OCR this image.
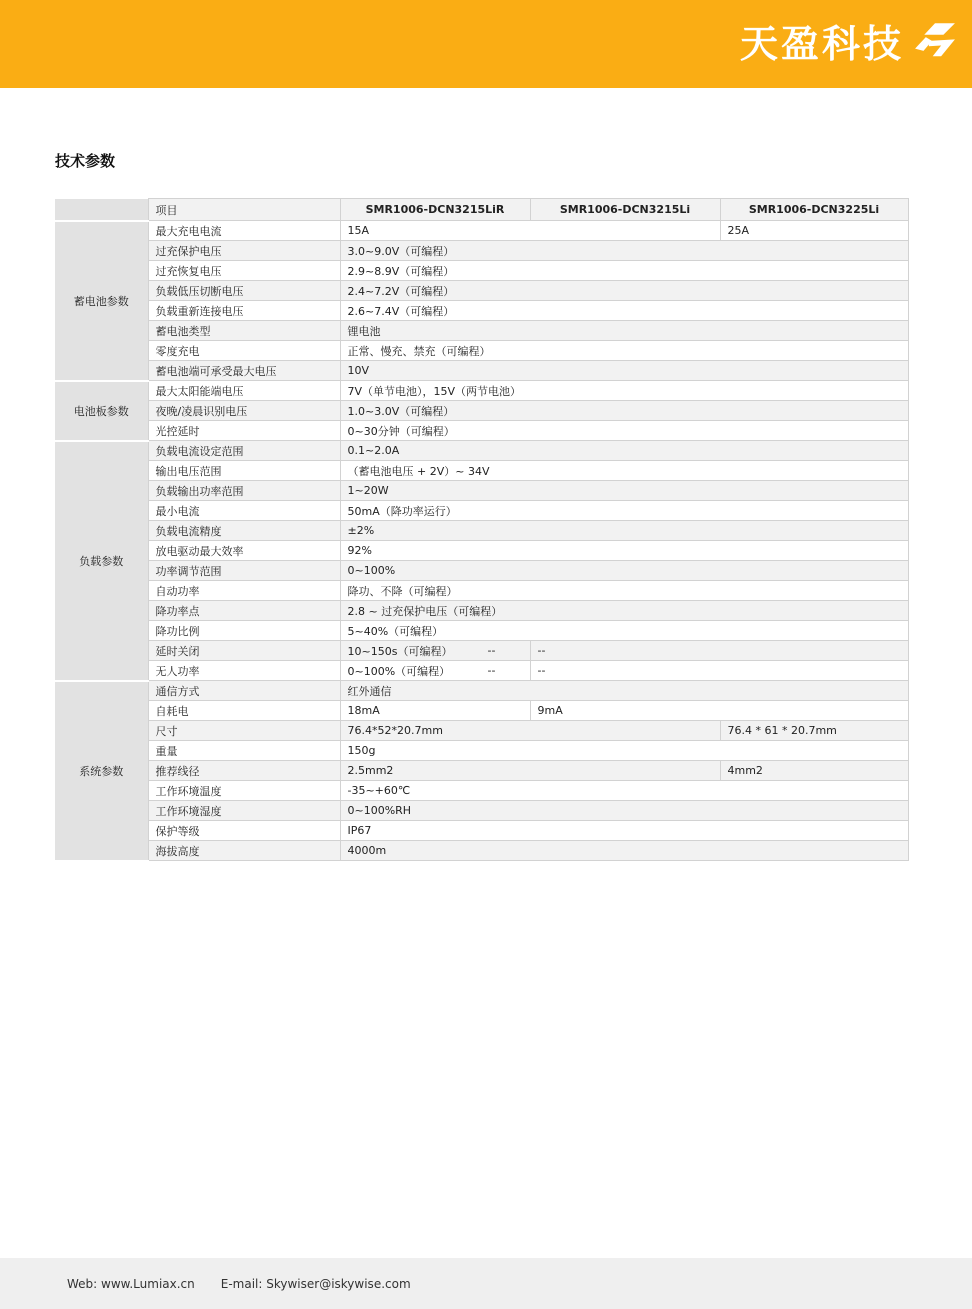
天盈科技
技术参数
	项目	SMR1006-DCN3215LiR	SMR1006-DCN3215Li	SMR1006-DCN3225Li
蓄电池参数	最大充电电流	15A		25A
	过充保护电压	3.0~9.0V（可编程）		
	过充恢复电压	2.9~8.9V（可编程）		
	负载低压切断电压	2.4~7.2V（可编程）		
	负载重新连接电压	2.6~7.4V（可编程）		
	蓄电池类型	锂电池		
	零度充电	正常、慢充、禁充（可编程）		
	蓄电池端可承受最大电压	10V		
电池板参数	最大太阳能端电压	7V（单节电池），15V（两节电池）		
	夜晚/凌晨识别电压	1.0~3.0V（可编程）		
	光控延时	0~30分钟（可编程）		
负载参数	负载电流设定范围	0.1~2.0A		
	输出电压范围	（蓄电池电压 + 2V）~ 34V		
	负载输出功率范围	1~20W		
	最小电流	50mA（降功率运行）		
	负载电流精度	±2%		
	放电驱动最大效率	92%		
	功率调节范围	0~100%		
	自动功率	降功、不降（可编程）		
	降功率点	2.8 ~ 过充保护电压（可编程）		
	降功比例	5~40%（可编程）		
	延时关闭	10~150s（可编程） --	--	
	无人功率	0~100%（可编程） --	--	
系统参数	通信方式	红外通信		
	自耗电	18mA	9mA	
	尺寸	76.4*52*20.7mm		76.4 * 61 * 20.7mm
	重量	150g		
	推荐线径	2.5mm2		4mm2
	工作环境温度	-35~+60℃		
	工作环境湿度	0~100%RH		
	保护等级	IP67		
	海拔高度	4000m		
Web: www.Lumiax.cn E-mail: Skywiser@iskywise.com
